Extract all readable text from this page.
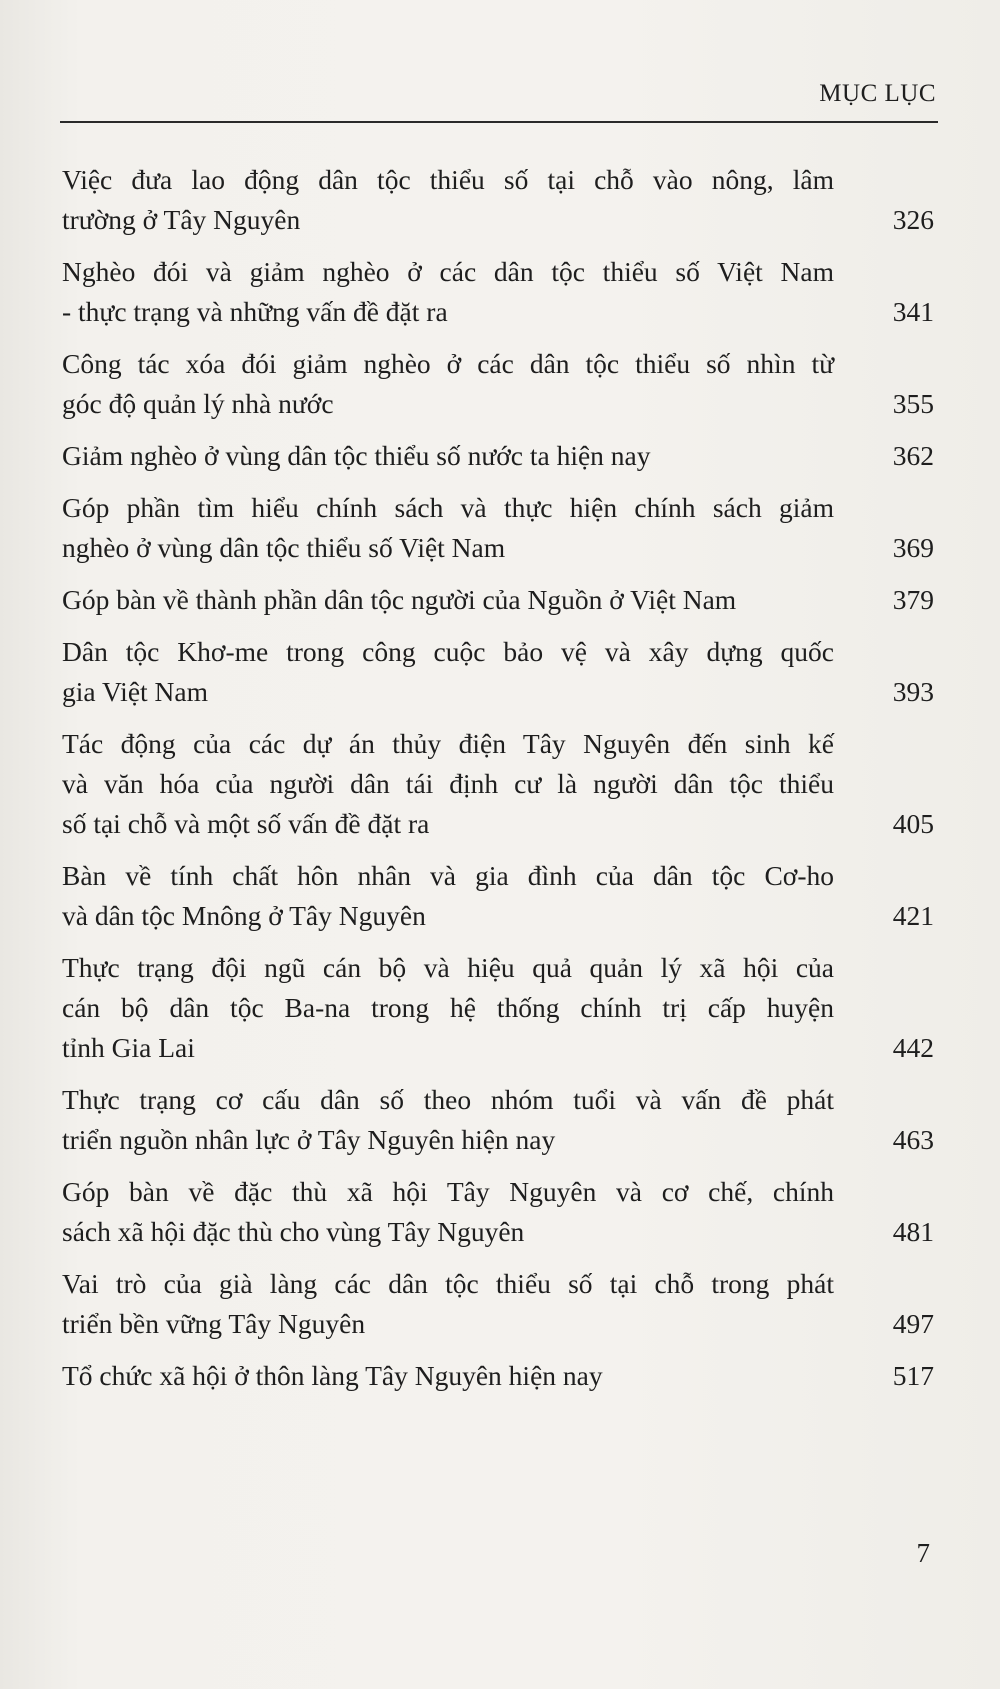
MỤC LỤC
Việc đưa lao động dân tộc thiểu số tại chỗ vào nông, lâm
trường ở Tây Nguyên	326
Nghèo đói và giảm nghèo ở các dân tộc thiểu số Việt Nam
- thực trạng và những vấn đề đặt ra	341
Công tác xóa đói giảm nghèo ở các dân tộc thiểu số nhìn từ
góc độ quản lý nhà nước	355
Giảm nghèo ở vùng dân tộc thiểu số nước ta hiện nay	362
Góp phần tìm hiểu chính sách và thực hiện chính sách giảm
nghèo ở vùng dân tộc thiểu số Việt Nam	369
Góp bàn về thành phần dân tộc người của Nguồn ở Việt Nam	379
Dân tộc Khơ-me trong công cuộc bảo vệ và xây dựng quốc
gia Việt Nam	393
Tác động của các dự án thủy điện Tây Nguyên đến sinh kế
và văn hóa của người dân tái định cư là người dân tộc thiểu
số tại chỗ và một số vấn đề đặt ra	405
Bàn về tính chất hôn nhân và gia đình của dân tộc Cơ-ho
và dân tộc Mnông ở Tây Nguyên	421
Thực trạng đội ngũ cán bộ và hiệu quả quản lý xã hội của
cán bộ dân tộc Ba-na trong hệ thống chính trị cấp huyện
tỉnh Gia Lai	442
Thực trạng cơ cấu dân số theo nhóm tuổi và vấn đề phát
triển nguồn nhân lực ở Tây Nguyên hiện nay	463
Góp bàn về đặc thù xã hội Tây Nguyên và cơ chế, chính
sách xã hội đặc thù cho vùng Tây Nguyên	481
Vai trò của già làng các dân tộc thiểu số tại chỗ trong phát
triển bền vững Tây Nguyên	497
Tổ chức xã hội ở thôn làng Tây Nguyên hiện nay	517
7
